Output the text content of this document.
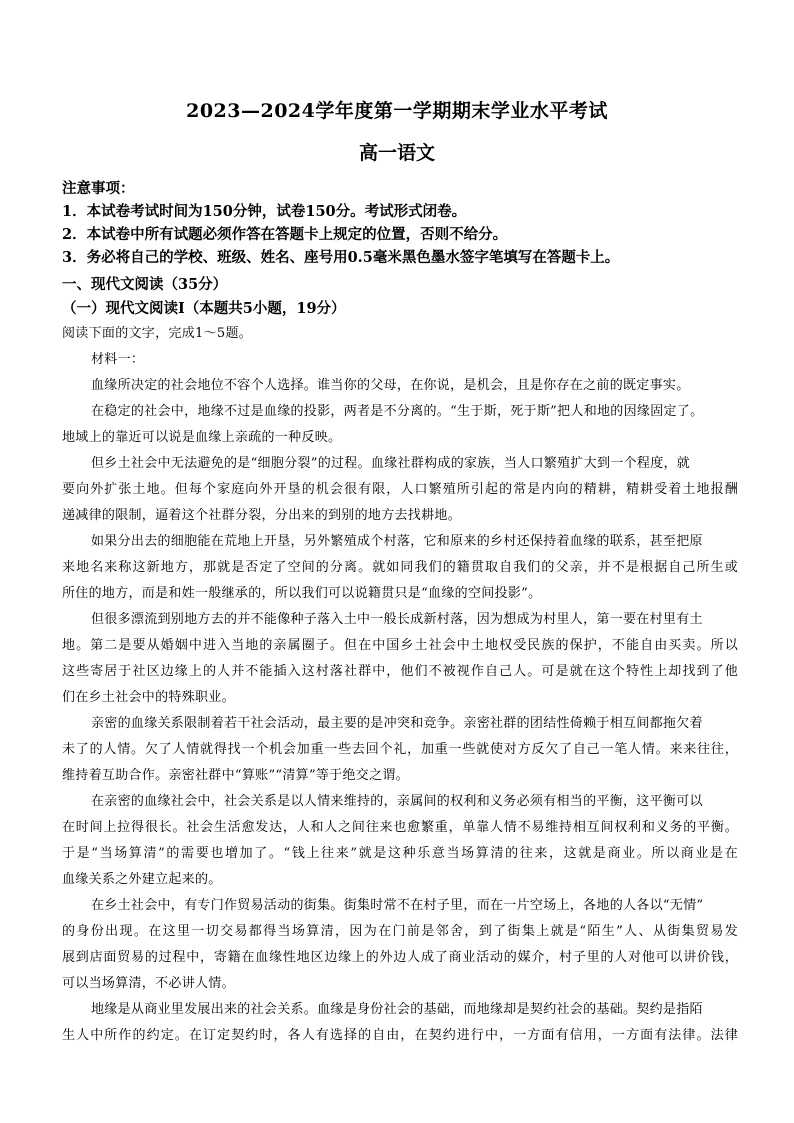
2023—2024学年度第一学期期末学业水平考试
高一语文
注意事项：
1．本试卷考试时间为150分钟，试卷150分。考试形式闭卷。
2．本试卷中所有试题必须作答在答题卡上规定的位置，否则不给分。
3．务必将自己的学校、班级、姓名、座号用0.5毫米黑色墨水签字笔填写在答题卡上。
一、现代文阅读（35分）
（一）现代文阅读Ⅰ（本题共5小题，19分）
阅读下面的文字，完成1～5题。
材料一：
血缘所决定的社会地位不容个人选择。谁当你的父母，在你说，是机会，且是你存在之前的既定事实。
在稳定的社会中，地缘不过是血缘的投影，两者是不分离的。“生于斯，死于斯”把人和地的因缘固定了。
地域上的靠近可以说是血缘上亲疏的一种反映。
但乡土社会中无法避免的是“细胞分裂”的过程。血缘社群构成的家族，当人口繁殖扩大到一个程度，就
要向外扩张土地。但每个家庭向外开垦的机会很有限，人口繁殖所引起的常是内向的精耕，精耕受着土地报酬
递减律的限制，逼着这个社群分裂，分出来的到别的地方去找耕地。
如果分出去的细胞能在荒地上开垦，另外繁殖成个村落，它和原来的乡村还保持着血缘的联系，甚至把原
来地名来称这新地方，那就是否定了空间的分离。就如同我们的籍贯取自我们的父亲，并不是根据自己所生或
所住的地方，而是和姓一般继承的，所以我们可以说籍贯只是“血缘的空间投影”。
但很多漂流到别地方去的并不能像种子落入土中一般长成新村落，因为想成为村里人，第一要在村里有土
地。第二是要从婚姻中进入当地的亲属圈子。但在中国乡土社会中土地权受民族的保护，不能自由买卖。所以
这些寄居于社区边缘上的人并不能插入这村落社群中，他们不被视作自己人。可是就在这个特性上却找到了他
们在乡土社会中的特殊职业。
亲密的血缘关系限制着若干社会活动，最主要的是冲突和竞争。亲密社群的团结性倚赖于相互间都拖欠着
未了的人情。欠了人情就得找一个机会加重一些去回个礼，加重一些就使对方反欠了自己一笔人情。来来往往，
维持着互助合作。亲密社群中“算账”“清算”等于绝交之谓。
在亲密的血缘社会中，社会关系是以人情来维持的，亲属间的权利和义务必须有相当的平衡，这平衡可以
在时间上拉得很长。社会生活愈发达，人和人之间往来也愈繁重，单靠人情不易维持相互间权利和义务的平衡。
于是“当场算清”的需要也增加了。“钱上往来”就是这种乐意当场算清的往来，这就是商业。所以商业是在
血缘关系之外建立起来的。
在乡土社会中，有专门作贸易活动的街集。街集时常不在村子里，而在一片空场上，各地的人各以“无情”
的身份出现。在这里一切交易都得当场算清，因为在门前是邻舍，到了街集上就是“陌生”人、从街集贸易发
展到店面贸易的过程中，寄籍在血缘性地区边缘上的外边人成了商业活动的媒介，村子里的人对他可以讲价钱，
可以当场算清，不必讲人情。
地缘是从商业里发展出来的社会关系。血缘是身份社会的基础，而地缘却是契约社会的基础。契约是指陌
生人中所作的约定。在订定契约时，各人有选择的自由，在契约进行中，一方面有信用，一方面有法律。法律
